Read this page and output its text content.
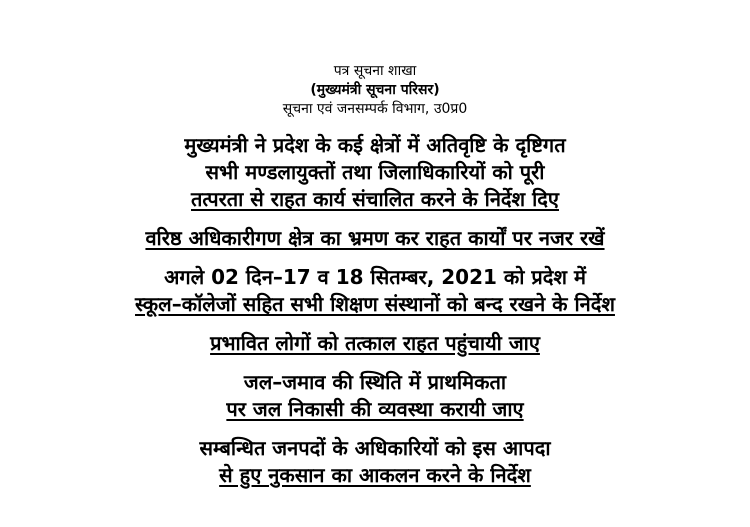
पत्र सूचना शाखा

(मुख्यमंत्री सूचना परिसर)

सूचना एवं जनसम्पर्क विभाग, उ0प्र0

मुख्यमंत्री ने प्रदेश के कई क्षेत्रों में अतिवृष्टि के दृष्टिगत
सभी मण्डलायुक्तों तथा जिलाधिकारियों को पूरी
तत्परता से राहत कार्य संचालित करने के निर्देश दिए
वरिष्ठ अधिकारीगण क्षेत्र का भ्रमण कर राहत कार्यों पर नजर रखें
अगले 02 दिन–17 व 18 सितम्बर, 2021 को प्रदेश में
स्कूल–कॉलेजों सहित सभी शिक्षण संस्थानों को बन्द रखने के निर्देश
प्रभावित लोगों को तत्काल राहत पहुंचायी जाए
जल–जमाव की स्थिति में प्राथमिकता
पर जल निकासी की व्यवस्था करायी जाए
सम्बन्धित जनपदों के अधिकारियों को इस आपदा
से हुए नुकसान का आकलन करने के निर्देश
